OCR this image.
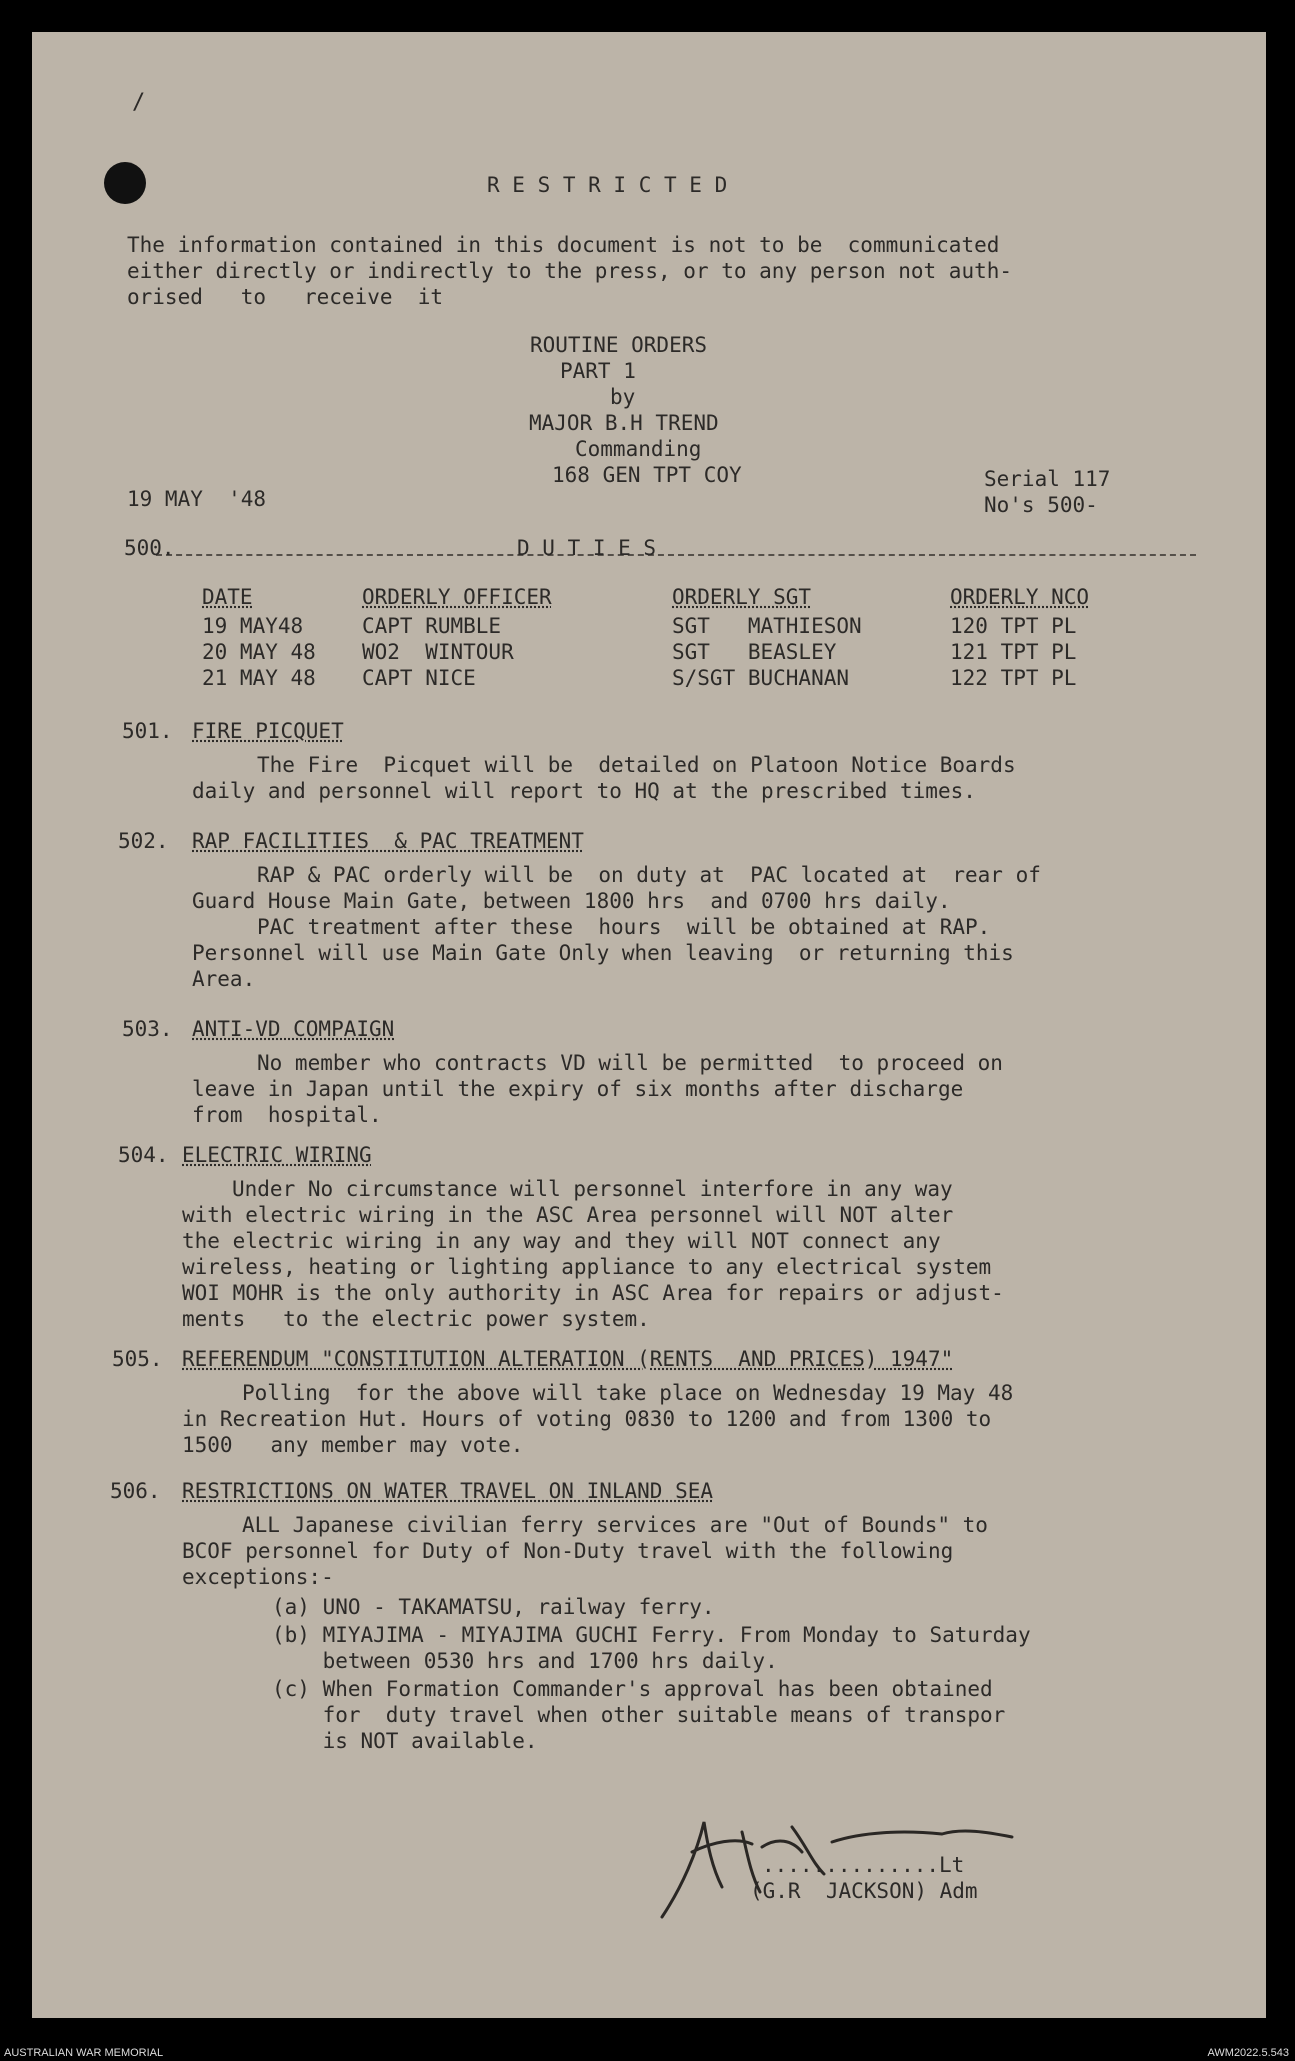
/
R E S T R I C T E D
The information contained in this document is not to be  communicated
either directly or indirectly to the press, or to any person not auth-
orised   to   receive  it
ROUTINE ORDERS
PART 1
by
MAJOR B.H TREND
Commanding
168 GEN TPT COY
19 MAY  '48
Serial 117
No's 500-
500.	D U T I E S
DATE	ORDERLY OFFICER	ORDERLY SGT	ORDERLY NCO
19 MAY48	CAPT RUMBLE	SGT   MATHIESON	120 TPT PL
20 MAY 48 WO2  WINTOUR	SGT   BEASLEY	121 TPT PL
21 MAY 48 CAPT NICE	S/SGT BUCHANAN	122 TPT PL
501. FIRE PICQUET
The Fire  Picquet will be  detailed on Platoon Notice Boards
daily and personnel will report to HQ at the prescribed times.
502. RAP FACILITIES  & PAC TREATMENT
RAP & PAC orderly will be  on duty at  PAC located at  rear of
Guard House Main Gate, between 1800 hrs  and 0700 hrs daily.
PAC treatment after these  hours  will be obtained at RAP.
Personnel will use Main Gate Only when leaving  or returning this
Area.
503. ANTI-VD COMPAIGN
No member who contracts VD will be permitted  to proceed on
leave in Japan until the expiry of six months after discharge
from  hospital.
504. ELECTRIC WIRING
Under No circumstance will personnel interfore in any way
with electric wiring in the ASC Area personnel will NOT alter
the electric wiring in any way and they will NOT connect any
wireless, heating or lighting appliance to any electrical system
WOI MOHR is the only authority in ASC Area for repairs or adjust-
ments   to the electric power system.
505. REFERENDUM "CONSTITUTION ALTERATION (RENTS  AND PRICES) 1947"
Polling  for the above will take place on Wednesday 19 May 48
in Recreation Hut. Hours of voting 0830 to 1200 and from 1300 to
1500   any member may vote.
506. RESTRICTIONS ON WATER TRAVEL ON INLAND SEA
ALL Japanese civilian ferry services are "Out of Bounds" to
BCOF personnel for Duty of Non-Duty travel with the following
exceptions:-
(a) UNO - TAKAMATSU, railway ferry.
(b) MIYAJIMA - MIYAJIMA GUCHI Ferry. From Monday to Saturday
between 0530 hrs and 1700 hrs daily.
(c) When Formation Commander's approval has been obtained
for  duty travel when other suitable means of transpor
is NOT available.
..............Lt
(G.R  JACKSON) Adm
AUSTRALIAN WAR MEMORIAL	AWM2022.5.543
